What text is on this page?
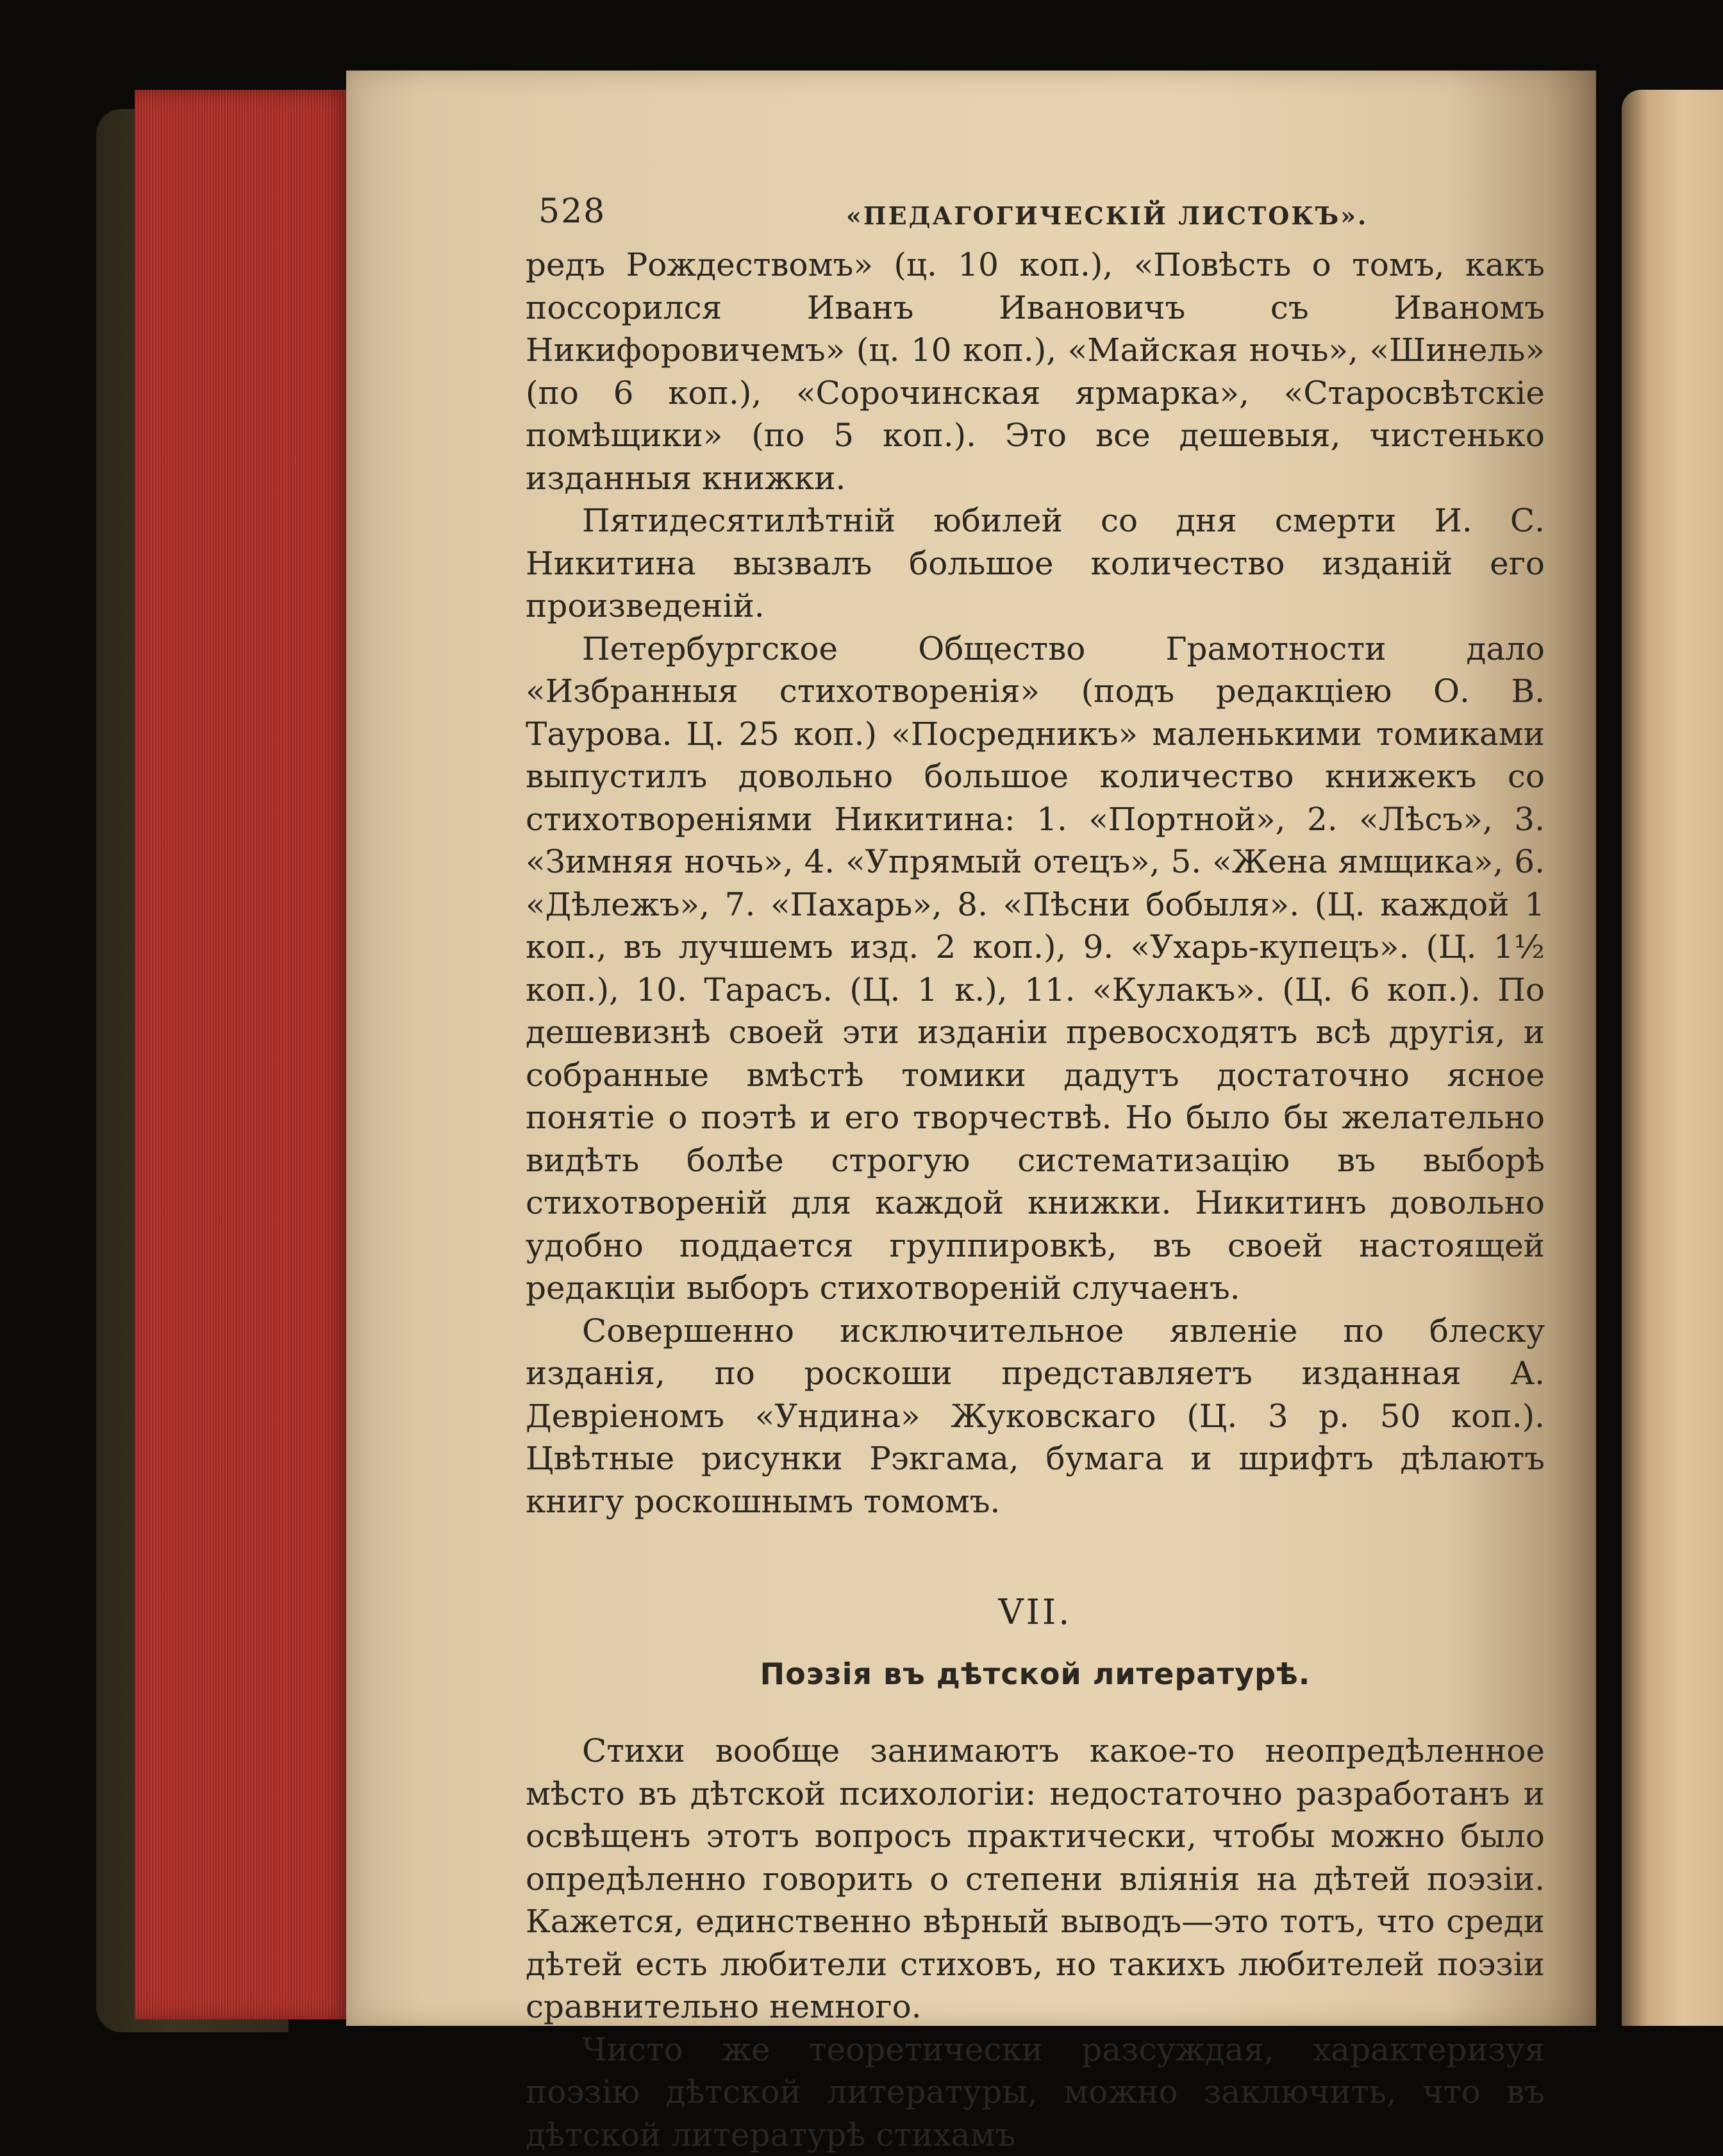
528	«ПЕДАГОГИЧЕСКІЙ ЛИСТОКЪ».

редъ Рождествомъ» (ц. 10 коп.), «Повѣсть о томъ, какъ поссорился Иванъ Ивановичъ съ Иваномъ Никифоровичемъ» (ц. 10 коп.), «Майская ночь», «Шинель» (по 6 коп.), «Сорочинская ярмарка», «Старосвѣтскіе помѣщики» (по 5 коп.). Это все дешевыя, чистенько изданныя книжки.

Пятидесятилѣтній юбилей со дня смерти И. С. Никитина вызвалъ большое количество изданій его произведеній.

Петербургское Общество Грамотности дало «Избранныя стихотворенія» (подъ редакціею О. В. Таурова. Ц. 25 коп.) «Посредникъ» маленькими томиками выпустилъ довольно большое количество книжекъ со стихотвореніями Никитина: 1. «Портной», 2. «Лѣсъ», 3. «Зимняя ночь», 4. «Упрямый отецъ», 5. «Жена ямщика», 6. «Дѣлежъ», 7. «Пахарь», 8. «Пѣсни бобыля». (Ц. каждой 1 коп., въ лучшемъ изд. 2 коп.), 9. «Ухарь-купецъ». (Ц. 1½ коп.), 10. Тарасъ. (Ц. 1 к.), 11. «Кулакъ». (Ц. 6 коп.). По дешевизнѣ своей эти изданіи превосходятъ всѣ другія, и собранные вмѣстѣ томики дадутъ достаточно ясное понятіе о поэтѣ и его творчествѣ. Но было бы желательно видѣть болѣе строгую систематизацію въ выборѣ стихотвореній для каждой книжки. Никитинъ довольно удобно поддается группировкѣ, въ своей настоящей редакціи выборъ стихотвореній случаенъ.

Совершенно исключительное явленіе по блеску изданія, по роскоши представляетъ изданная А. Девріеномъ «Ундина» Жуковскаго (Ц. 3 р. 50 коп.). Цвѣтные рисунки Рэкгама, бумага и шрифтъ дѣлаютъ книгу роскошнымъ томомъ.

VII.
Поэзія въ дѣтской литературѣ.

Стихи вообще занимаютъ какое-то неопредѣленное мѣсто въ дѣтской психологіи: недостаточно разработанъ и освѣщенъ этотъ вопросъ практически, чтобы можно было опредѣленно говорить о степени вліянія на дѣтей поэзіи. Кажется, единственно вѣрный выводъ—это тотъ, что среди дѣтей есть любители стиховъ, но такихъ любителей поэзіи сравнительно немного.

Чисто же теоретически разсуждая, характеризуя поэзію дѣтской литературы, можно заключить, что въ дѣтской литературѣ стихамъ
